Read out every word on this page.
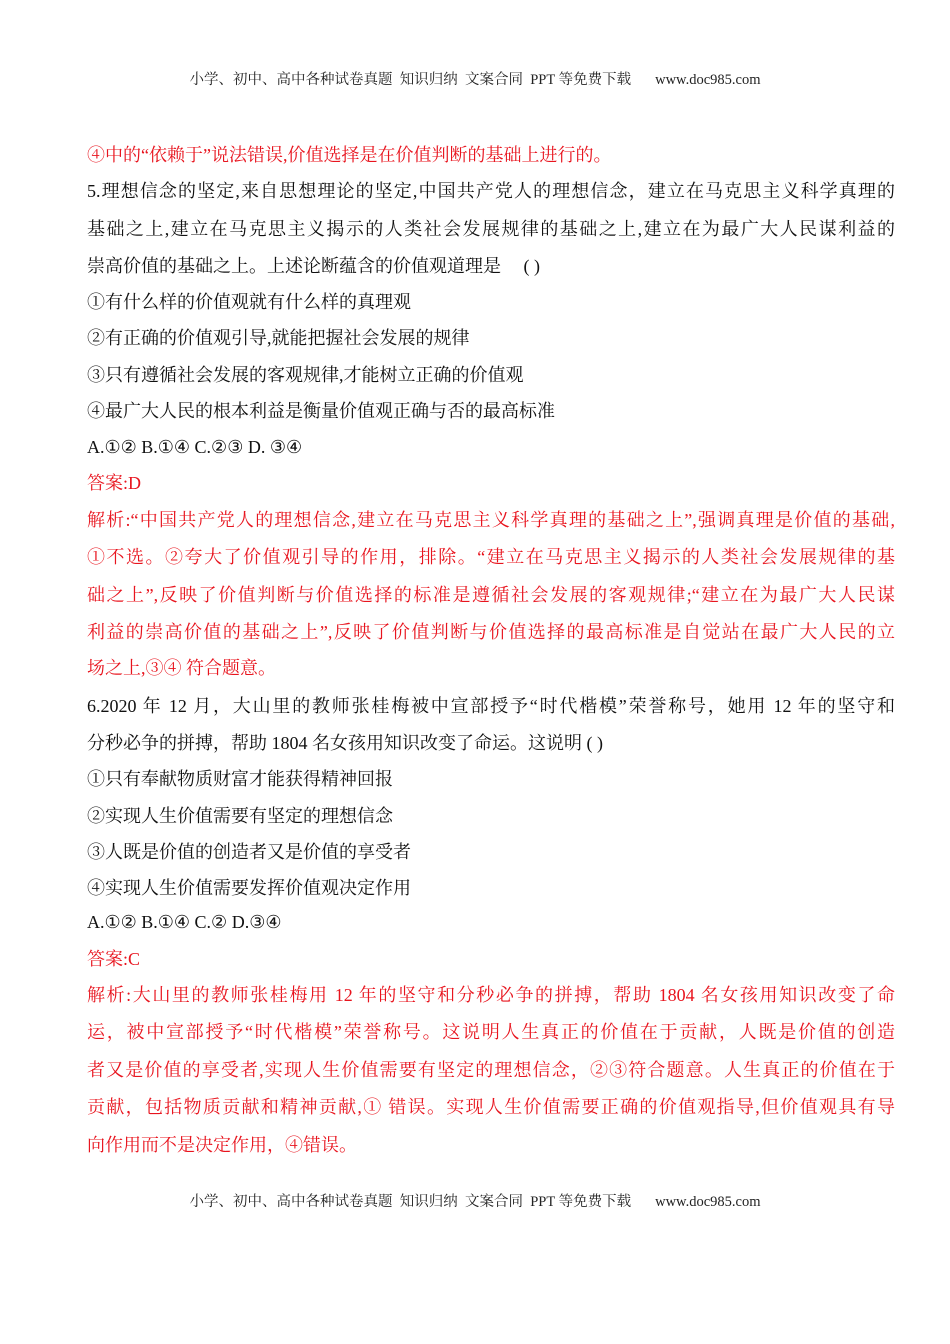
小学、初中、高中各种试卷真题  知识归纳  文案合同  PPT 等免费下载 www.doc985.com
④中的“依赖于”说法错误,价值选择是在价值判断的基础上进行的。
5.理想信念的坚定,来自思想理论的坚定,中国共产党人的理想信念，建立在马克思主义科学真理的
基础之上,建立在马克思主义揭示的人类社会发展规律的基础之上,建立在为最广大人民谋利益的
崇高价值的基础之上。上述论断蕴含的价值观道理是　 ( )
①有什么样的价值观就有什么样的真理观
②有正确的价值观引导,就能把握社会发展的规律
③只有遵循社会发展的客观规律,才能树立正确的价值观
④最广大人民的根本利益是衡量价值观正确与否的最高标准
A.①② B.①④ C.②③ D. ③④
答案:D
解析:“中国共产党人的理想信念,建立在马克思主义科学真理的基础之上”,强调真理是价值的基础,
①不选。②夸大了价值观引导的作用，排除。“建立在马克思主义揭示的人类社会发展规律的基
础之上”,反映了价值判断与价值选择的标准是遵循社会发展的客观规律;“建立在为最广大人民谋
利益的崇高价值的基础之上”,反映了价值判断与价值选择的最高标准是自觉站在最广大人民的立
场之上,③④ 符合题意。
6.2020 年 12 月，大山里的教师张桂梅被中宣部授予“时代楷模”荣誉称号，她用 12 年的坚守和
分秒必争的拼搏，帮助 1804 名女孩用知识改变了命运。这说明 ( )
①只有奉献物质财富才能获得精神回报
②实现人生价值需要有坚定的理想信念
③人既是价值的创造者又是价值的享受者
④实现人生价值需要发挥价值观决定作用
A.①② B.①④ C.② D.③④
答案:C
解析:大山里的教师张桂梅用 12 年的坚守和分秒必争的拼搏，帮助 1804 名女孩用知识改变了命
运，被中宣部授予“时代楷模”荣誉称号。这说明人生真正的价值在于贡献，人既是价值的创造
者又是价值的享受者,实现人生价值需要有坚定的理想信念，②③符合题意。人生真正的价值在于
贡献，包括物质贡献和精神贡献,① 错误。实现人生价值需要正确的价值观指导,但价值观具有导
向作用而不是决定作用，④错误。
小学、初中、高中各种试卷真题  知识归纳  文案合同  PPT 等免费下载 www.doc985.com
